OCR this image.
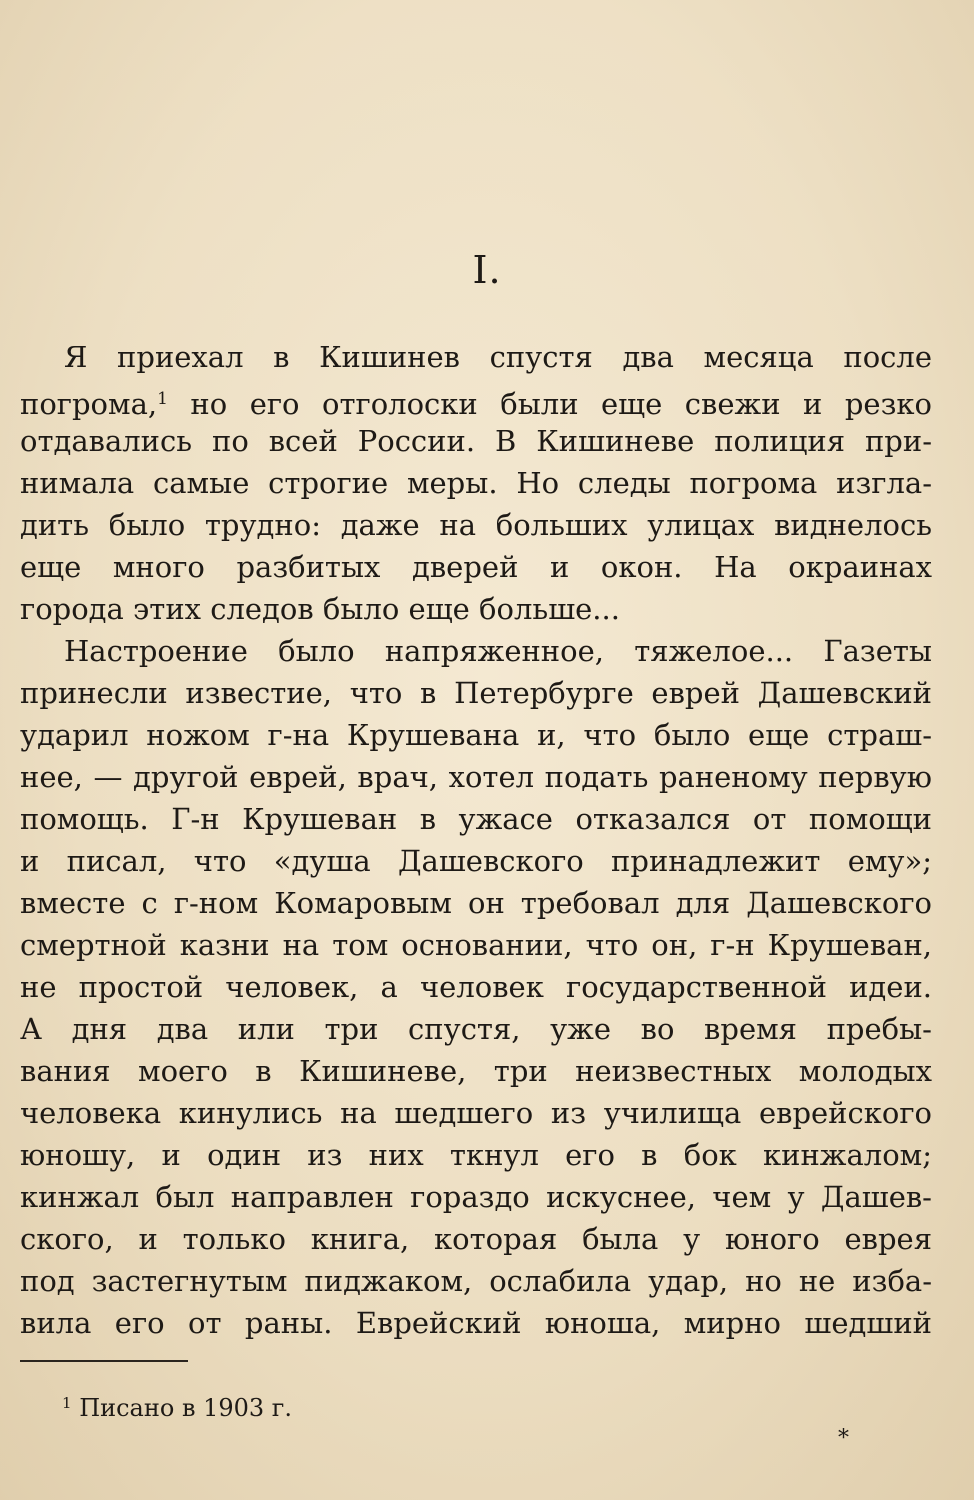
I.
Я приехал в Кишинев спустя два месяца после
погрома,$^1$ но его отголоски были еще свежи и резко
отдавались по всей России. В Кишиневе полиция при-
нимала самые строгие меры. Но следы погрома изгла-
дить было трудно: даже на больших улицах виднелось
еще много разбитых дверей и окон. На окраинах
города этих следов было еще больше...
Настроение было напряженное, тяжелое... Газеты
принесли известие, что в Петербурге еврей Дашевский
ударил ножом г-на Крушевана и, что было еще страш-
нее, — другой еврей, врач, хотел подать раненому первую
помощь. Г-н Крушеван в ужасе отказался от помощи
и писал, что «душа Дашевского принадлежит ему»;
вместе с г-ном Комаровым он требовал для Дашевского
смертной казни на том основании, что он, г-н Крушеван,
не простой человек, а человек государственной идеи.
А дня два или три спустя, уже во время пребы-
вания моего в Кишиневе, три неизвестных молодых
человека кинулись на шедшего из училища еврейского
юношу, и один из них ткнул его в бок кинжалом;
кинжал был направлен гораздо искуснее, чем у Дашев-
ского, и только книга, которая была у юного еврея
под застегнутым пиджаком, ослабила удар, но не изба-
вила его от раны. Еврейский юноша, мирно шедший
$^1$ Писано в 1903 г.
*
